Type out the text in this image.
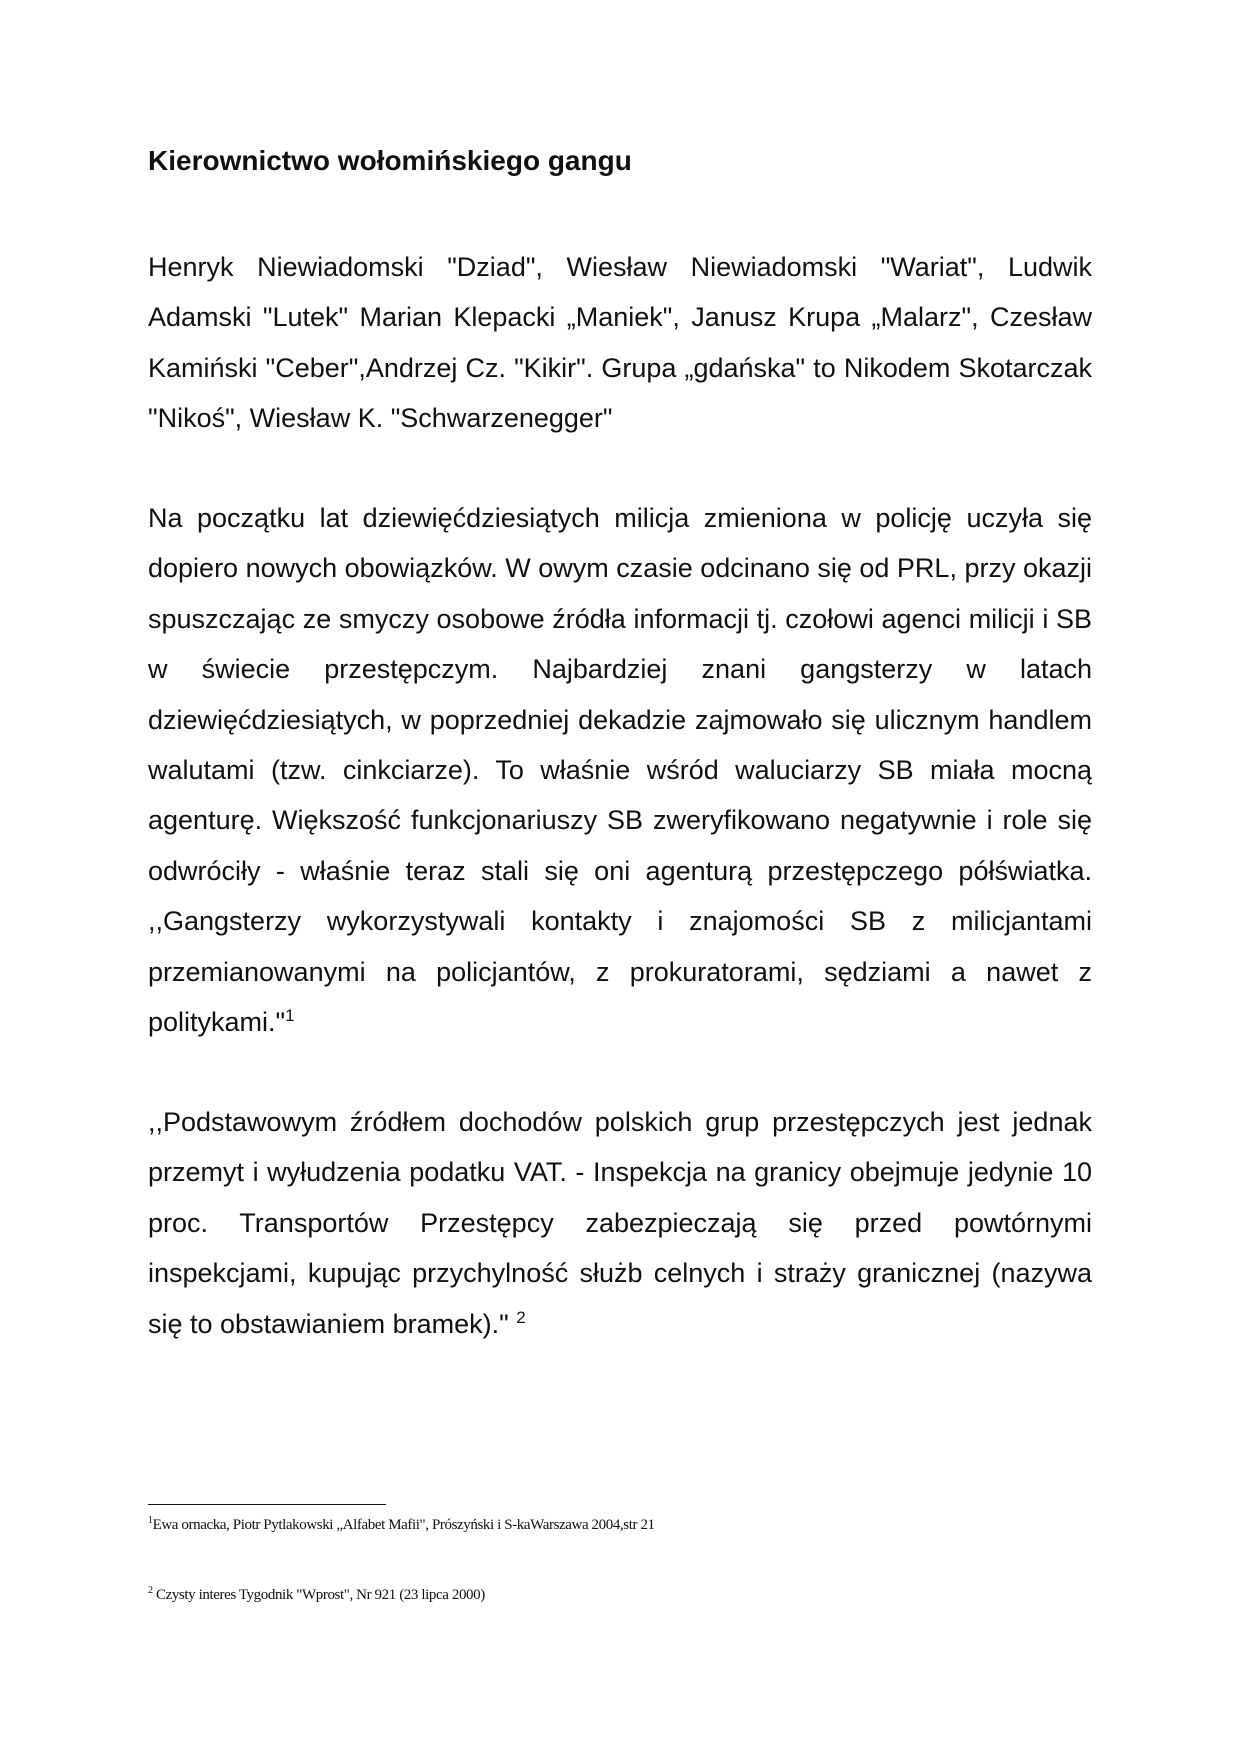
Kierownictwo wołomińskiego gangu

Henryk Niewiadomski "Dziad", Wiesław Niewiadomski "Wariat", Ludwik Adamski "Lutek" Marian Klepacki „Maniek", Janusz Krupa „Malarz", Czesław Kamiński "Ceber",Andrzej Cz. "Kikir". Grupa „gdańska" to Nikodem Skotarczak "Nikoś", Wiesław K. "Schwarzenegger"

Na początku lat dziewięćdziesiątych milicja zmieniona w policję uczyła się dopiero nowych obowiązków. W owym czasie odcinano się od PRL, przy okazji spuszczając ze smyczy osobowe źródła informacji tj. czołowi agenci milicji i SB w świecie przestępczym. Najbardziej znani gangsterzy w latach dziewięćdziesiątych, w poprzedniej dekadzie zajmowało się ulicznym handlem walutami (tzw. cinkciarze). To właśnie wśród waluciarzy SB miała mocną agenturę. Większość funkcjonariuszy SB zweryfikowano negatywnie i role się odwróciły - właśnie teraz stali się oni agenturą przestępczego półświatka. ,,Gangsterzy wykorzystywali kontakty i znajomości SB z milicjantami przemianowanymi na policjantów, z prokuratorami, sędziami a nawet z politykami."$^1$

,,Podstawowym źródłem dochodów polskich grup przestępczych jest jednak przemyt i wyłudzenia podatku VAT. - Inspekcja na granicy obejmuje jedynie 10 proc. Transportów Przestępcy zabezpieczają się przed powtórnymi inspekcjami, kupując przychylność służb celnych i straży granicznej (nazywa się to obstawianiem bramek)." $^2$

$^1$Ewa ornacka, Piotr Pytlakowski „Alfabet Mafii", Prószyński i S-kaWarszawa 2004,str 21
$^2$ Czysty interes Tygodnik "Wprost", Nr 921 (23 lipca 2000)
